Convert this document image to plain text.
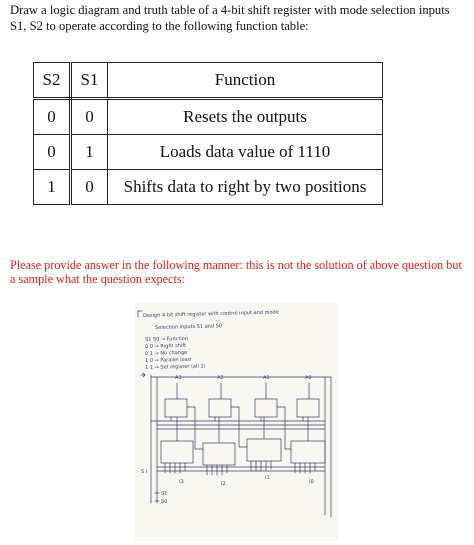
Draw a logic diagram and truth table of a 4-bit shift register with mode selection inputs S1, S2 to operate according to the following function table:
S2	S1	Function
0	0	Resets the outputs
0	1	Loads data value of 1110
1	0	Shifts data to right by two positions
Please provide answer in the following manner: this is not the solution of above question but a sample what the question expects:
Design 4 bit shift register with control input and mode
Selection inputs S1 and S0
S1 S0 → Function
0 0 → Right shift
0 1 → No change
1 0 → Parallel load
1 1 → Set register (all 1)
A3	A2	A1	A0
S I
I3	I2
I1
I0
S1
S0
